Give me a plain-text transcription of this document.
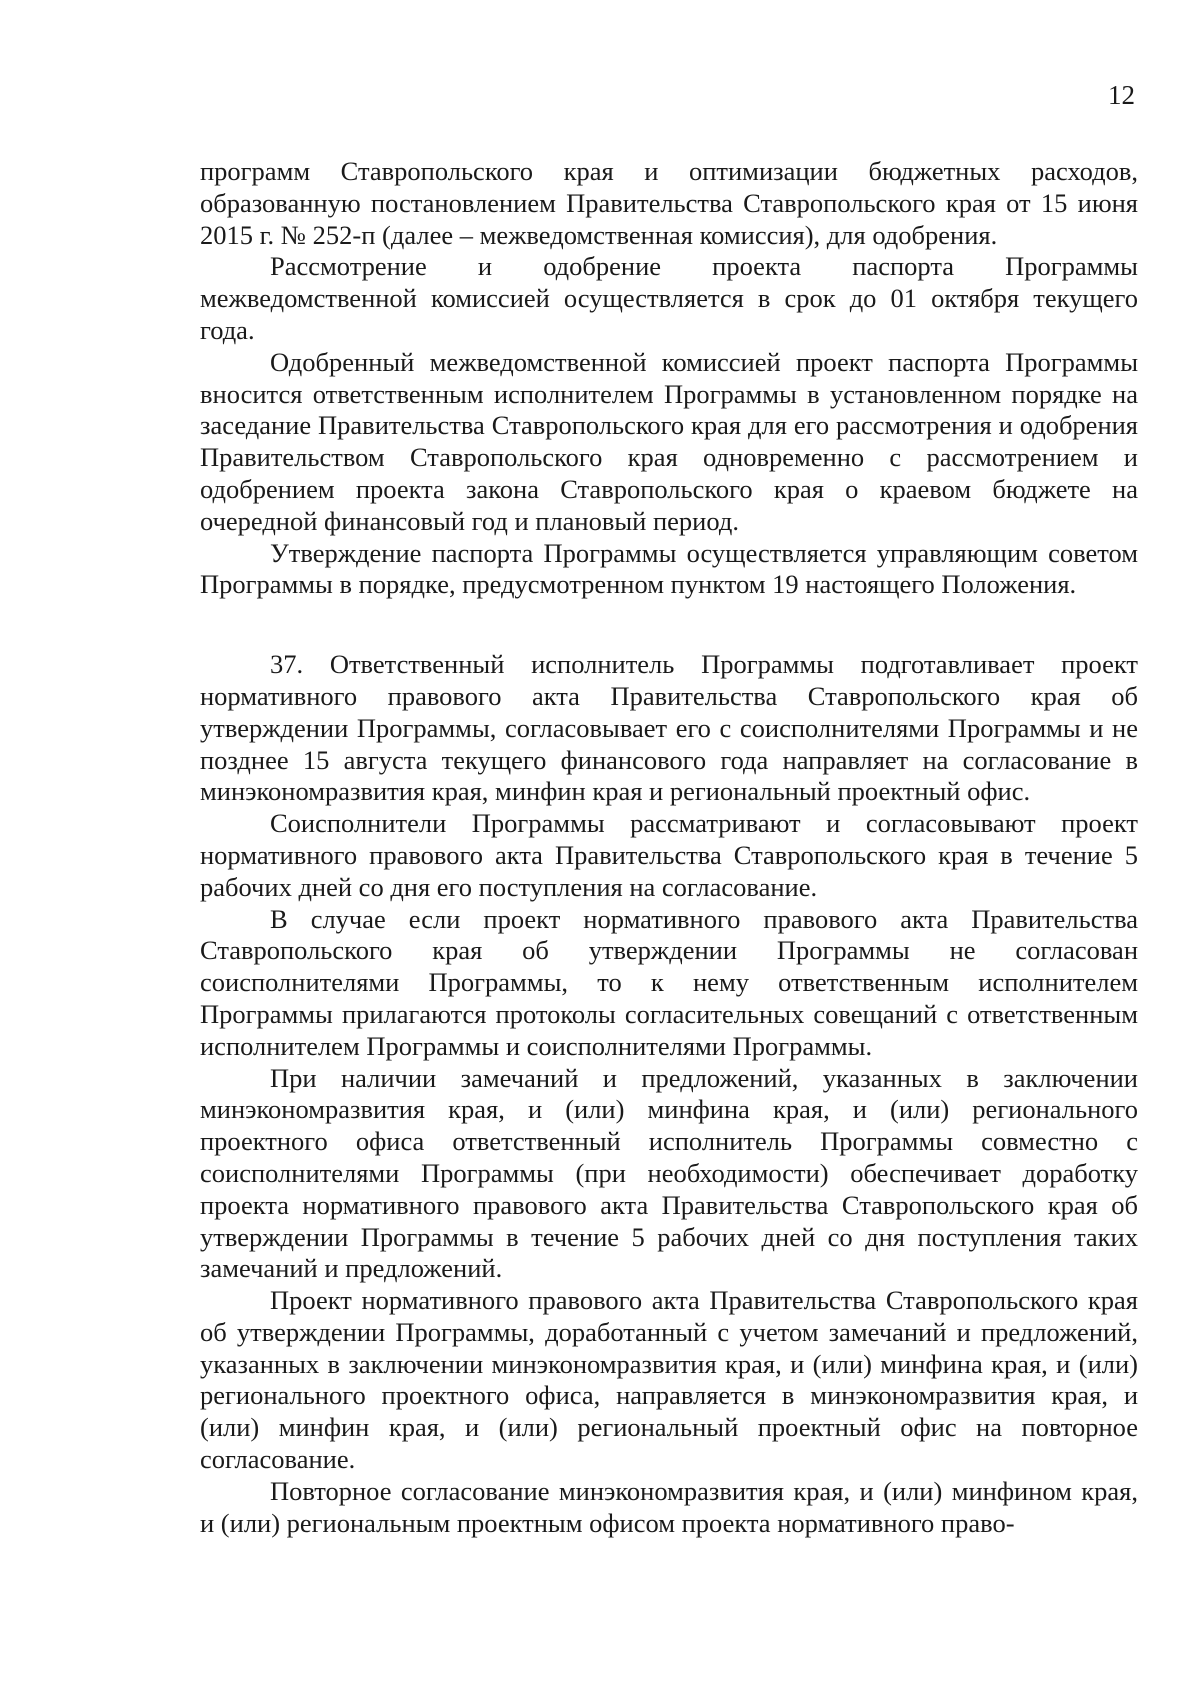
12

программ Ставропольского края и оптимизации бюджетных расходов, образованную постановлением Правительства Ставропольского края от 15 июня 2015 г. № 252-п (далее – межведомственная комиссия), для одобрения.

Рассмотрение и одобрение проекта паспорта Программы межведомственной комиссией осуществляется в срок до 01 октября текущего года.

Одобренный межведомственной комиссией проект паспорта Программы вносится ответственным исполнителем Программы в установленном порядке на заседание Правительства Ставропольского края для его рассмотрения и одобрения Правительством Ставропольского края одновременно с рассмотрением и одобрением проекта закона Ставропольского края о краевом бюджете на очередной финансовый год и плановый период.

Утверждение паспорта Программы осуществляется управляющим советом Программы в порядке, предусмотренном пунктом 19 настоящего Положения.

37. Ответственный исполнитель Программы подготавливает проект нормативного правового акта Правительства Ставропольского края об утверждении Программы, согласовывает его с соисполнителями Программы и не позднее 15 августа текущего финансового года направляет на согласование в минэкономразвития края, минфин края и региональный проектный офис.

Соисполнители Программы рассматривают и согласовывают проект нормативного правового акта Правительства Ставропольского края в течение 5 рабочих дней со дня его поступления на согласование.

В случае если проект нормативного правового акта Правительства Ставропольского края об утверждении Программы не согласован соисполнителями Программы, то к нему ответственным исполнителем Программы прилагаются протоколы согласительных совещаний с ответственным исполнителем Программы и соисполнителями Программы.

При наличии замечаний и предложений, указанных в заключении минэкономразвития края, и (или) минфина края, и (или) регионального проектного офиса ответственный исполнитель Программы совместно с соисполнителями Программы (при необходимости) обеспечивает доработку проекта нормативного правового акта Правительства Ставропольского края об утверждении Программы в течение 5 рабочих дней со дня поступления таких замечаний и предложений.

Проект нормативного правового акта Правительства Ставропольского края об утверждении Программы, доработанный с учетом замечаний и предложений, указанных в заключении минэкономразвития края, и (или) минфина края, и (или) регионального проектного офиса, направляется в минэкономразвития края, и (или) минфин края, и (или) региональный проектный офис на повторное согласование.

Повторное согласование минэкономразвития края, и (или) минфином края, и (или) региональным проектным офисом проекта нормативного право-
